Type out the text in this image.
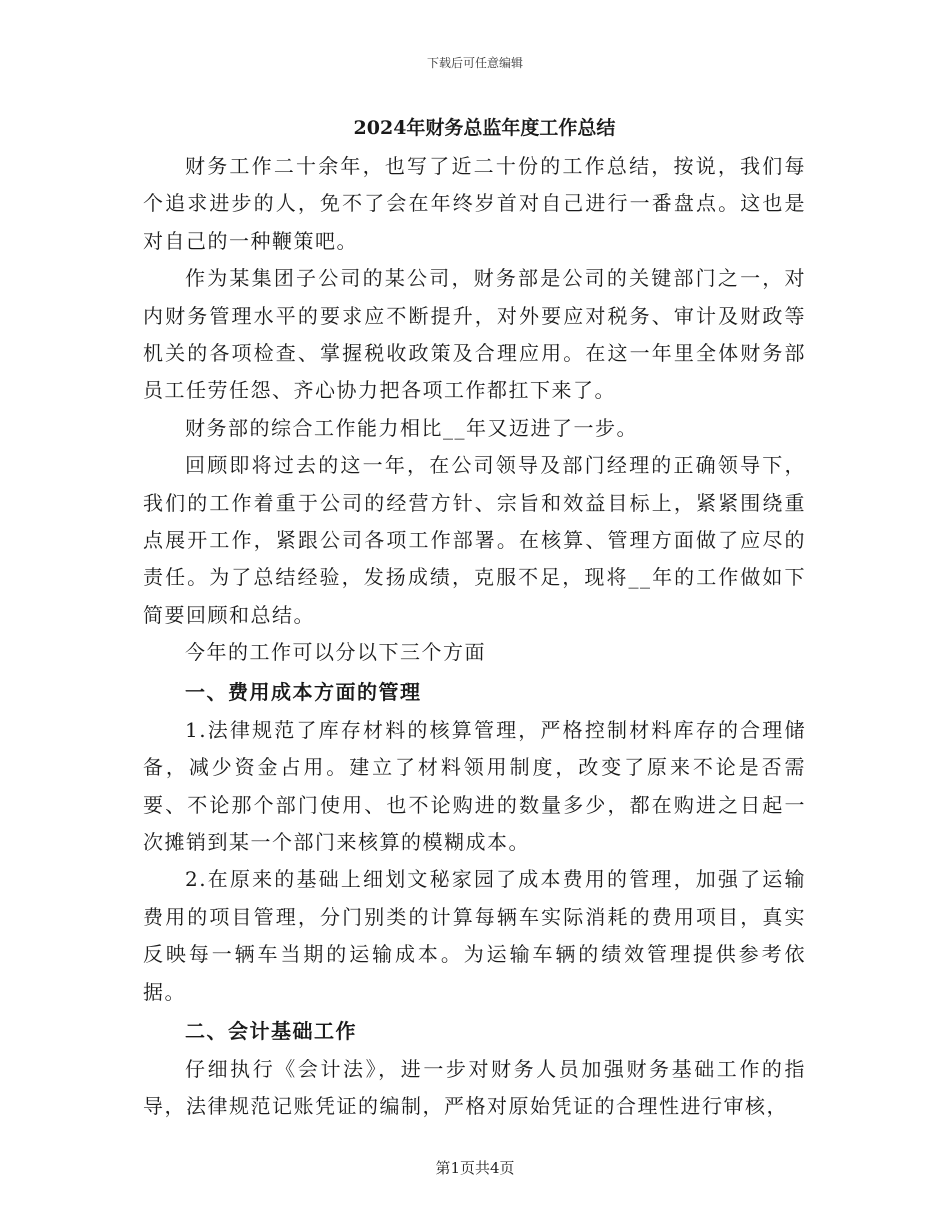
下载后可任意编辑
2024年财务总监年度工作总结

财务工作二十余年，也写了近二十份的工作总结，按说，我们每个追求进步的人，免不了会在年终岁首对自己进行一番盘点。这也是对自己的一种鞭策吧。

作为某集团子公司的某公司，财务部是公司的关键部门之一，对内财务管理水平的要求应不断提升，对外要应对税务、审计及财政等机关的各项检查、掌握税收政策及合理应用。在这一年里全体财务部员工任劳任怨、齐心协力把各项工作都扛下来了。

财务部的综合工作能力相比__年又迈进了一步。

回顾即将过去的这一年，在公司领导及部门经理的正确领导下，我们的工作着重于公司的经营方针、宗旨和效益目标上，紧紧围绕重点展开工作，紧跟公司各项工作部署。在核算、管理方面做了应尽的责任。为了总结经验，发扬成绩，克服不足，现将__年的工作做如下简要回顾和总结。

今年的工作可以分以下三个方面

一、费用成本方面的管理

1.法律规范了库存材料的核算管理，严格控制材料库存的合理储备，减少资金占用。建立了材料领用制度，改变了原来不论是否需要、不论那个部门使用、也不论购进的数量多少，都在购进之日起一次摊销到某一个部门来核算的模糊成本。

2.在原来的基础上细划文秘家园了成本费用的管理，加强了运输费用的项目管理，分门别类的计算每辆车实际消耗的费用项目，真实反映每一辆车当期的运输成本。为运输车辆的绩效管理提供参考依据。

二、会计基础工作

仔细执行《会计法》，进一步对财务人员加强财务基础工作的指导，法律规范记账凭证的编制，严格对原始凭证的合理性进行审核，

第1页共4页
